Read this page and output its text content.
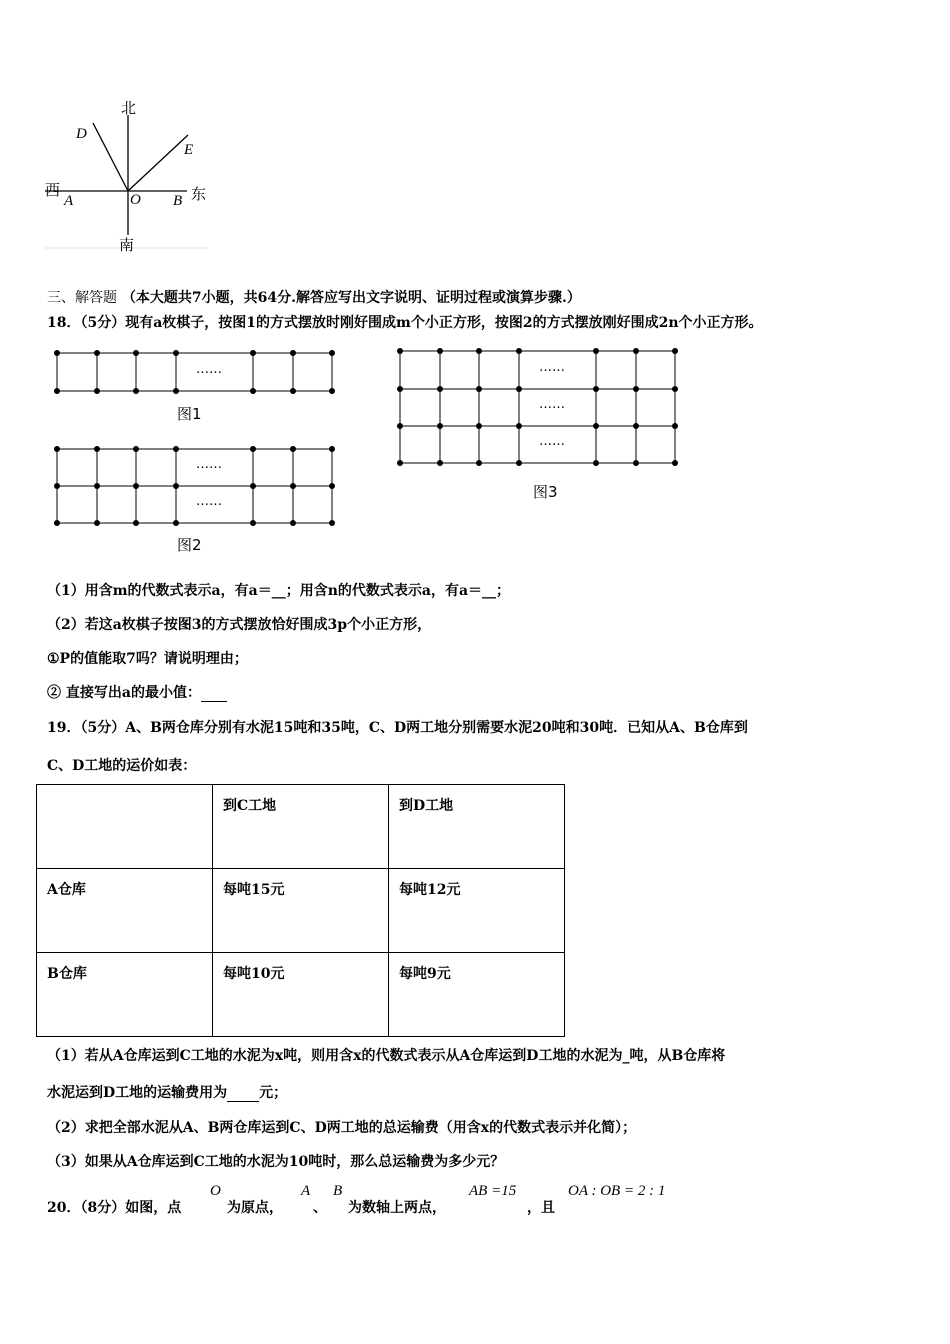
北
南
东
西
D
E
A	O B
三、解答题 （本大题共7小题，共64分.解答应写出文字说明、证明过程或演算步骤.）
18．（5分）现有a枚棋子，按图1的方式摆放时刚好围成m个小正方形，按图2的方式摆放刚好围成2n个小正方形。
……
图1
……
……
图2
……
……
……
图3
（1）用含m的代数式表示a，有a＝__；用含n的代数式表示a，有a＝__；
（2）若这a枚棋子按图3的方式摆放恰好围成3p个小正方形，
①P的值能取7吗？请说明理由；
② 直接写出a的最小值：
19．（5分）A、B两仓库分别有水泥15吨和35吨，C、D两工地分别需要水泥20吨和30吨．已知从A、B仓库到
C、D工地的运价如表：
	到C工地	到D工地
A仓库	每吨15元	每吨12元
B仓库	每吨10元	每吨9元
（1）若从A仓库运到C工地的水泥为x吨，则用含x的代数式表示从A仓库运到D工地的水泥为_吨，从B仓库将
水泥运到D工地的运输费用为 元；
（2）求把全部水泥从A、B两仓库运到C、D两工地的总运输费（用含x的代数式表示并化简）；
（3）如果从A仓库运到C工地的水泥为10吨时，那么总运输费为多少元？
20．（8分）如图，点
O
为原点，
A
、
B
为数轴上两点，
AB =15
，且
OA : OB = 2 : 1
